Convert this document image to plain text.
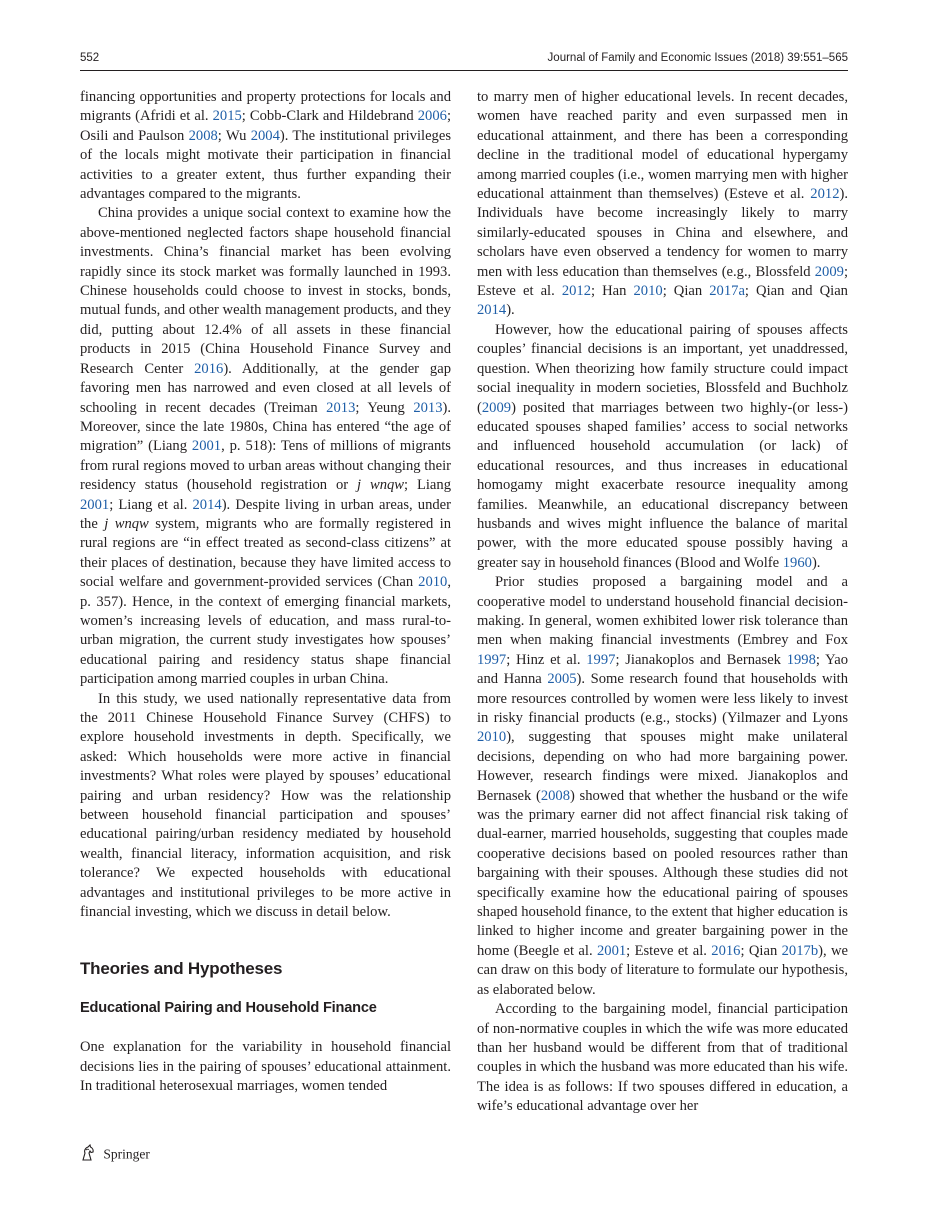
552	Journal of Family and Economic Issues (2018) 39:551–565

financing opportunities and property protections for locals and migrants (Afridi et al. 2015; Cobb-Clark and Hildebrand 2006; Osili and Paulson 2008; Wu 2004). The institutional privileges of the locals might motivate their participation in financial activities to a greater extent, thus further expanding their advantages compared to the migrants.

China provides a unique social context to examine how the above-mentioned neglected factors shape household financial investments. China’s financial market has been evolving rapidly since its stock market was formally launched in 1993. Chinese households could choose to invest in stocks, bonds, mutual funds, and other wealth management products, and they did, putting about 12.4% of all assets in these financial products in 2015 (China Household Finance Survey and Research Center 2016). Additionally, at the gender gap favoring men has narrowed and even closed at all levels of schooling in recent decades (Treiman 2013; Yeung 2013). Moreover, since the late 1980s, China has entered “the age of migration” (Liang 2001, p. 518): Tens of millions of migrants from rural regions moved to urban areas without changing their residency status (household registration or j wnqw; Liang 2001; Liang et al. 2014). Despite living in urban areas, under the j wnqw system, migrants who are formally registered in rural regions are “in effect treated as second-class citizens” at their places of destination, because they have limited access to social welfare and government-provided services (Chan 2010, p. 357). Hence, in the context of emerging financial markets, women’s increasing levels of education, and mass rural-to-urban migration, the current study investigates how spouses’ educational pairing and residency status shape financial participation among married couples in urban China.

In this study, we used nationally representative data from the 2011 Chinese Household Finance Survey (CHFS) to explore household investments in depth. Specifically, we asked: Which households were more active in financial investments? What roles were played by spouses’ educational pairing and urban residency? How was the relationship between household financial participation and spouses’ educational pairing/urban residency mediated by household wealth, financial literacy, information acquisition, and risk tolerance? We expected households with educational advantages and institutional privileges to be more active in financial investing, which we discuss in detail below.

Theories and Hypotheses
Educational Pairing and Household Finance

One explanation for the variability in household financial decisions lies in the pairing of spouses’ educational attainment. In traditional heterosexual marriages, women tended

to marry men of higher educational levels. In recent decades, women have reached parity and even surpassed men in educational attainment, and there has been a corresponding decline in the traditional model of educational hypergamy among married couples (i.e., women marrying men with higher educational attainment than themselves) (Esteve et al. 2012). Individuals have become increasingly likely to marry similarly-educated spouses in China and elsewhere, and scholars have even observed a tendency for women to marry men with less education than themselves (e.g., Blossfeld 2009; Esteve et al. 2012; Han 2010; Qian 2017a; Qian and Qian 2014).

However, how the educational pairing of spouses affects couples’ financial decisions is an important, yet unaddressed, question. When theorizing how family structure could impact social inequality in modern societies, Blossfeld and Buchholz (2009) posited that marriages between two highly-(or less-) educated spouses shaped families’ access to social networks and influenced household accumulation (or lack) of educational resources, and thus increases in educational homogamy might exacerbate resource inequality among families. Meanwhile, an educational discrepancy between husbands and wives might influence the balance of marital power, with the more educated spouse possibly having a greater say in household finances (Blood and Wolfe 1960).

Prior studies proposed a bargaining model and a cooperative model to understand household financial decision-making. In general, women exhibited lower risk tolerance than men when making financial investments (Embrey and Fox 1997; Hinz et al. 1997; Jianakoplos and Bernasek 1998; Yao and Hanna 2005). Some research found that households with more resources controlled by women were less likely to invest in risky financial products (e.g., stocks) (Yilmazer and Lyons 2010), suggesting that spouses might make unilateral decisions, depending on who had more bargaining power. However, research findings were mixed. Jianakoplos and Bernasek (2008) showed that whether the husband or the wife was the primary earner did not affect financial risk taking of dual-earner, married households, suggesting that couples made cooperative decisions based on pooled resources rather than bargaining with their spouses. Although these studies did not specifically examine how the educational pairing of spouses shaped household finance, to the extent that higher education is linked to higher income and greater bargaining power in the home (Beegle et al. 2001; Esteve et al. 2016; Qian 2017b), we can draw on this body of literature to formulate our hypothesis, as elaborated below.

According to the bargaining model, financial participation of non-normative couples in which the wife was more educated than her husband would be different from that of traditional couples in which the husband was more educated than his wife. The idea is as follows: If two spouses differed in education, a wife’s educational advantage over her

Springer
